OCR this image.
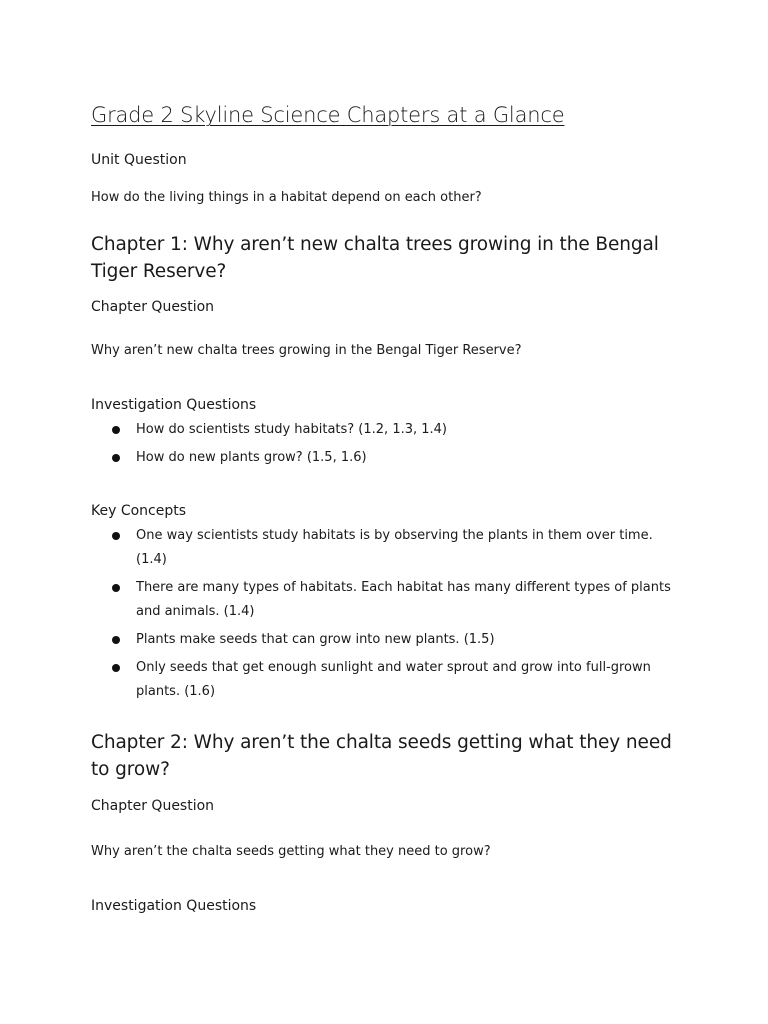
Grade 2 Skyline Science Chapters at a Glance
Unit Question
How do the living things in a habitat depend on each other?
Chapter 1: Why aren’t new chalta trees growing in the Bengal Tiger Reserve?
Chapter Question
Why aren’t new chalta trees growing in the Bengal Tiger Reserve?
Investigation Questions
How do scientists study habitats? (1.2, 1.3, 1.4)
How do new plants grow? (1.5, 1.6)
Key Concepts
One way scientists study habitats is by observing the plants in them over time. (1.4)
There are many types of habitats. Each habitat has many different types of plants and animals. (1.4)
Plants make seeds that can grow into new plants. (1.5)
Only seeds that get enough sunlight and water sprout and grow into full-grown plants. (1.6)
Chapter 2: Why aren’t the chalta seeds getting what they need to grow?
Chapter Question
Why aren’t the chalta seeds getting what they need to grow?
Investigation Questions
